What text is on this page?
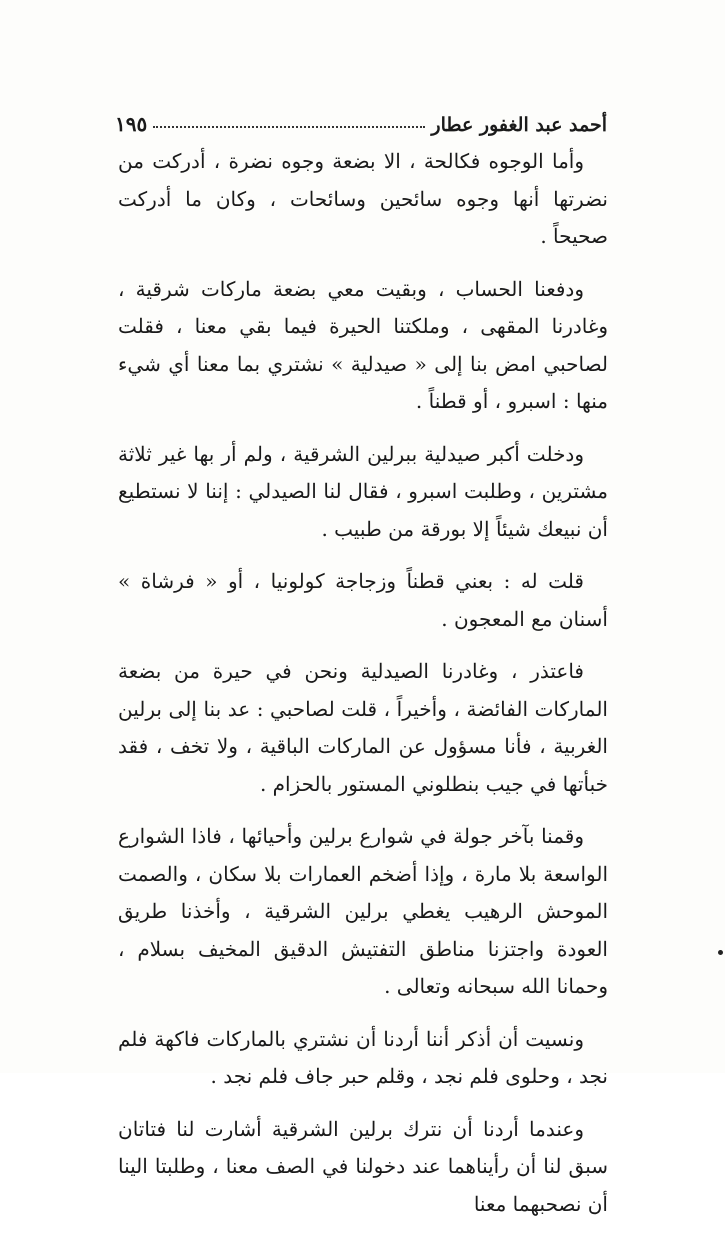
أحمد عبد الغفور عطار
١٩٥

وأما الوجوه فكالحة ، الا بضعة وجوه نضرة ، أدركت من نضرتها أنها وجوه سائحين وسائحات ، وكان ما أدركت صحيحاً .

ودفعنا الحساب ، وبقيت معي بضعة ماركات شرقية ، وغادرنا المقهى ، وملكتنا الحيرة فيما بقي معنا ، فقلت لصاحبي امض بنا إلى « صيدلية » نشتري بما معنا أي شيء منها : اسبرو ، أو قطناً .

ودخلت أكبر صيدلية ببرلين الشرقية ، ولم أر بها غير ثلاثة مشترين ، وطلبت اسبرو ، فقال لنا الصيدلي : إننا لا نستطيع أن نبيعك شيئاً إلا بورقة من طبيب .

قلت له : بعني قطناً وزجاجة كولونيا ، أو « فرشاة » أسنان مع المعجون .

فاعتذر ، وغادرنا الصيدلية ونحن في حيرة من بضعة الماركات الفائضة ، وأخيراً ، قلت لصاحبي : عد بنا إلى برلين الغربية ، فأنا مسؤول عن الماركات الباقية ، ولا تخف ، فقد خبأتها في جيب بنطلوني المستور بالحزام .

وقمنا بآخر جولة في شوارع برلين وأحيائها ، فاذا الشوارع الواسعة بلا مارة ، وإذا أضخم العمارات بلا سكان ، والصمت الموحش الرهيب يغطي برلين الشرقية ، وأخذنا طريق العودة واجتزنا مناطق التفتيش الدقيق المخيف بسلام ، وحمانا الله سبحانه وتعالى .

ونسيت أن أذكر أننا أردنا أن نشتري بالماركات فاكهة فلم نجد ، وحلوى فلم نجد ، وقلم حبر جاف فلم نجد .

وعندما أردنا أن نترك برلين الشرقية أشارت لنا فتاتان سبق لنا أن رأيناهما عند دخولنا في الصف معنا ، وطلبتا الينا أن نصحبهما معنا
